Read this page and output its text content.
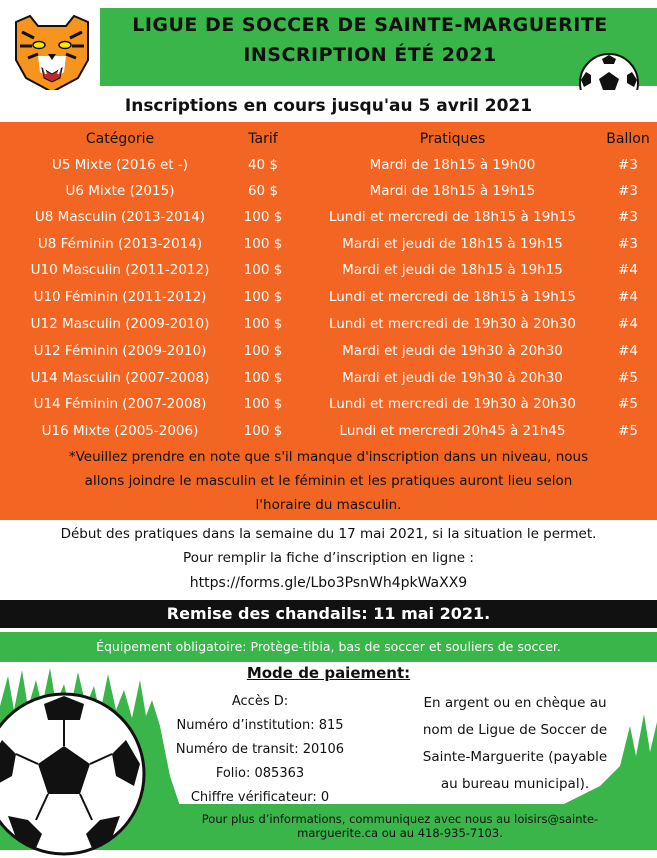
LIGUE DE SOCCER DE SAINTE-MARGUERITE
INSCRIPTION ÉTÉ 2021
Inscriptions en cours jusqu'au 5 avril 2021
Catégorie	Tarif	Pratiques	Ballon
U5 Mixte (2016 et -)	40 $	Mardi de 18h15 à 19h00	#3
U6 Mixte (2015)	60 $	Mardi de 18h15 à 19h15	#3
U8 Masculin (2013-2014)	100 $	Lundi et mercredi de 18h15 à 19h15	#3
U8 Féminin (2013-2014)	100 $	Mardi et jeudi de 18h15 à 19h15	#3
U10 Masculin (2011-2012)	100 $	Mardi et jeudi de 18h15 à 19h15	#4
U10 Féminin (2011-2012)	100 $	Lundi et mercredi de 18h15 à 19h15	#4
U12 Masculin (2009-2010)	100 $	Lundi et mercredi de 19h30 à 20h30	#4
U12 Féminin (2009-2010)	100 $	Mardi et jeudi de 19h30 à 20h30	#4
U14 Masculin (2007-2008)	100 $	Mardi et jeudi de 19h30 à 20h30	#5
U14 Féminin (2007-2008)	100 $	Lundi et mercredi de 19h30 à 20h30	#5
U16 Mixte (2005-2006)	100 $	Lundi et mercredi 20h45 à 21h45	#5
*Veuillez prendre en note que s'il manque d'inscription dans un niveau, nous
allons joindre le masculin et le féminin et les pratiques auront lieu selon
l'horaire du masculin.
Début des pratiques dans la semaine du 17 mai 2021, si la situation le permet.
Pour remplir la fiche d’inscription en ligne :
https://forms.gle/Lbo3PsnWh4pkWaXX9
Remise des chandails: 11 mai 2021.
Équipement obligatoire: Protège-tibia, bas de soccer et souliers de soccer.
Mode de paiement:
Accès D:
Numéro d’institution: 815
Numéro de transit: 20106
Folio: 085363
Chiffre vérificateur: 0
En argent ou en chèque au
nom de Ligue de Soccer de
Sainte-Marguerite (payable
au bureau municipal).
Pour plus d’informations, communiquez avec nous au loisirs@sainte-
marguerite.ca ou au 418-935-7103.
